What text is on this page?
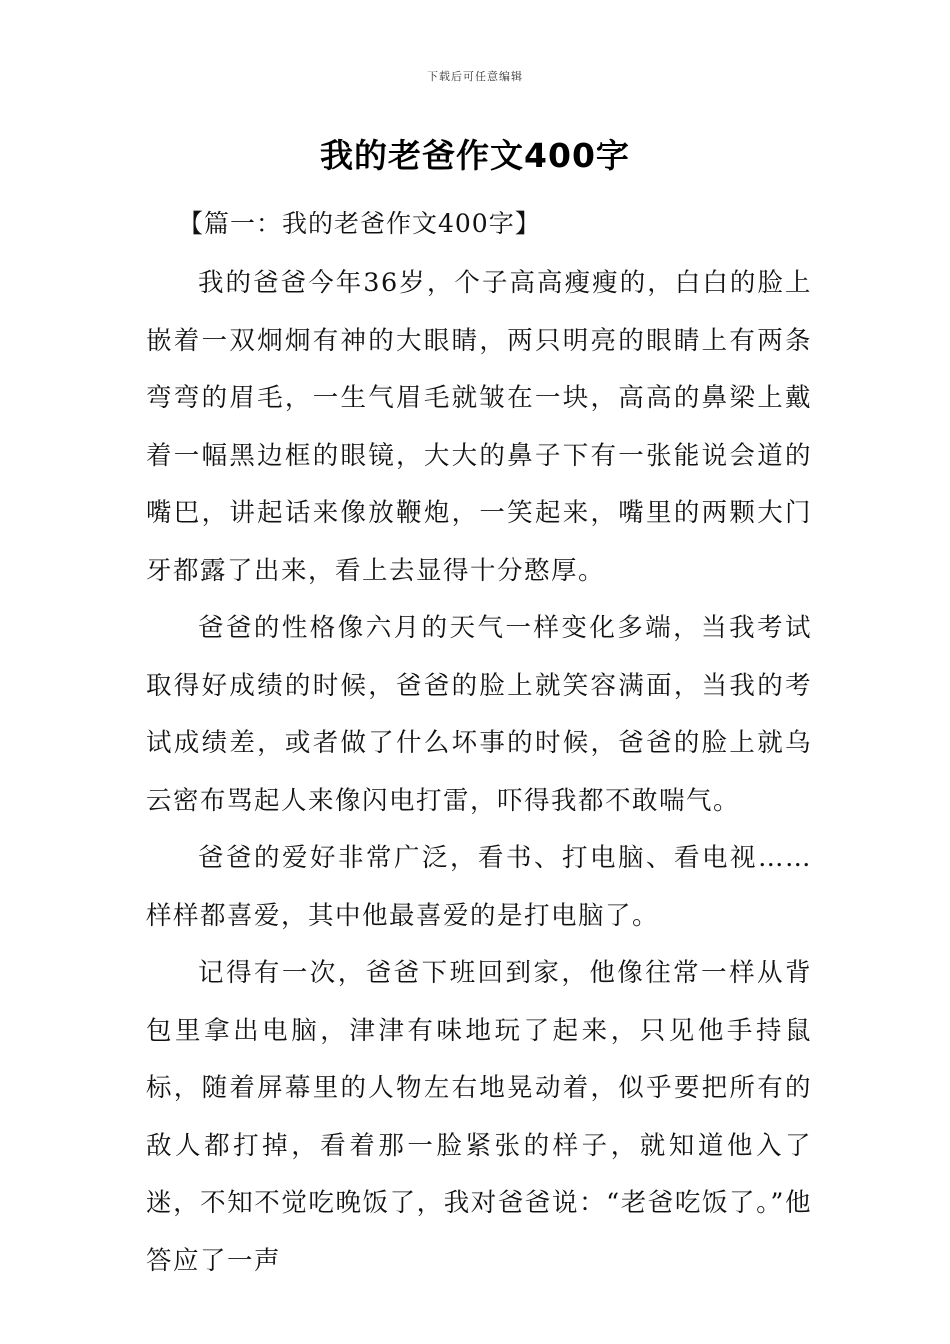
下载后可任意编辑
我的老爸作文400字
【篇一：我的老爸作文400字】

我的爸爸今年36岁，个子高高瘦瘦的，白白的脸上嵌着一双炯炯有神的大眼睛，两只明亮的眼睛上有两条弯弯的眉毛，一生气眉毛就皱在一块，高高的鼻梁上戴着一幅黑边框的眼镜，大大的鼻子下有一张能说会道的嘴巴，讲起话来像放鞭炮，一笑起来，嘴里的两颗大门牙都露了出来，看上去显得十分憨厚。

爸爸的性格像六月的天气一样变化多端，当我考试取得好成绩的时候，爸爸的脸上就笑容满面，当我的考试成绩差，或者做了什么坏事的时候，爸爸的脸上就乌云密布骂起人来像闪电打雷，吓得我都不敢喘气。

爸爸的爱好非常广泛，看书、打电脑、看电视……样样都喜爱，其中他最喜爱的是打电脑了。

记得有一次，爸爸下班回到家，他像往常一样从背包里拿出电脑，津津有味地玩了起来，只见他手持鼠标，随着屏幕里的人物左右地晃动着，似乎要把所有的敌人都打掉，看着那一脸紧张的样子，就知道他入了迷，不知不觉吃晚饭了，我对爸爸说：“老爸吃饭了。”他答应了一声
